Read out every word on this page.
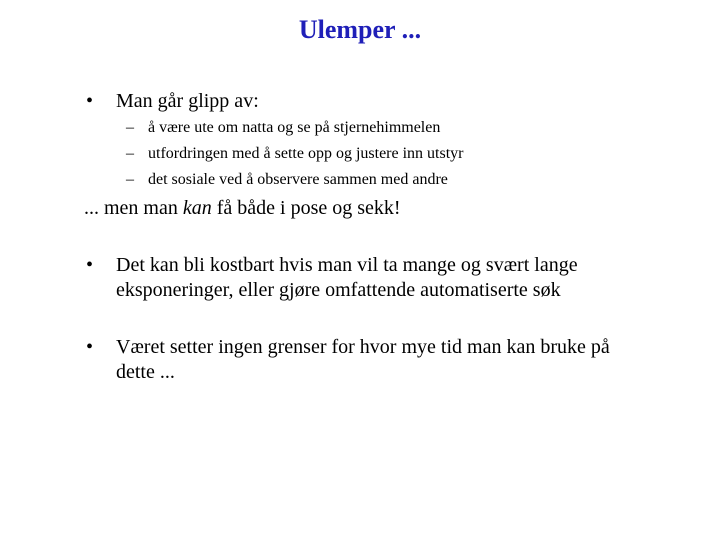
Ulemper ...
• Man går glipp av:
– å være ute om natta og se på stjernehimmelen
– utfordringen med å sette opp og justere inn utstyr
– det sosiale ved å observere sammen med andre
... men man kan få både i pose og sekk!
• Det kan bli kostbart hvis man vil ta mange og svært lange
eksponeringer, eller gjøre omfattende automatiserte søk
• Været setter ingen grenser for hvor mye tid man kan bruke på
dette ...
